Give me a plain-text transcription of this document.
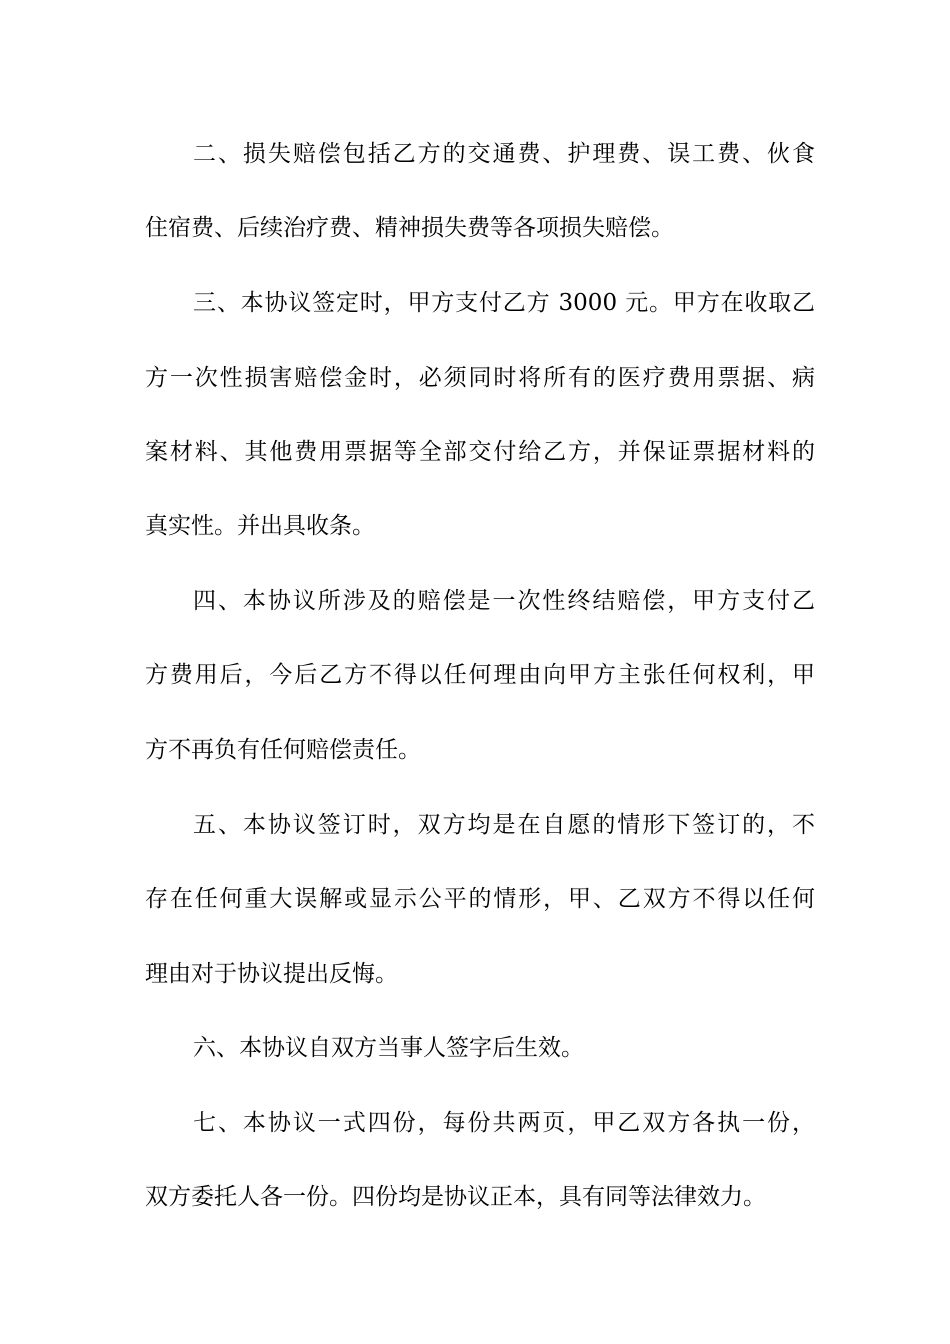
二、损失赔偿包括乙方的交通费、护理费、误工费、伙食
住宿费、后续治疗费、精神损失费等各项损失赔偿。
三、本协议签定时，甲方支付乙方 3000 元。甲方在收取乙
方一次性损害赔偿金时，必须同时将所有的医疗费用票据、病
案材料、其他费用票据等全部交付给乙方，并保证票据材料的
真实性。并出具收条。
四、本协议所涉及的赔偿是一次性终结赔偿，甲方支付乙
方费用后，今后乙方不得以任何理由向甲方主张任何权利，甲
方不再负有任何赔偿责任。
五、本协议签订时，双方均是在自愿的情形下签订的，不
存在任何重大误解或显示公平的情形，甲、乙双方不得以任何
理由对于协议提出反悔。
六、本协议自双方当事人签字后生效。
七、本协议一式四份，每份共两页，甲乙双方各执一份，
双方委托人各一份。四份均是协议正本，具有同等法律效力。
